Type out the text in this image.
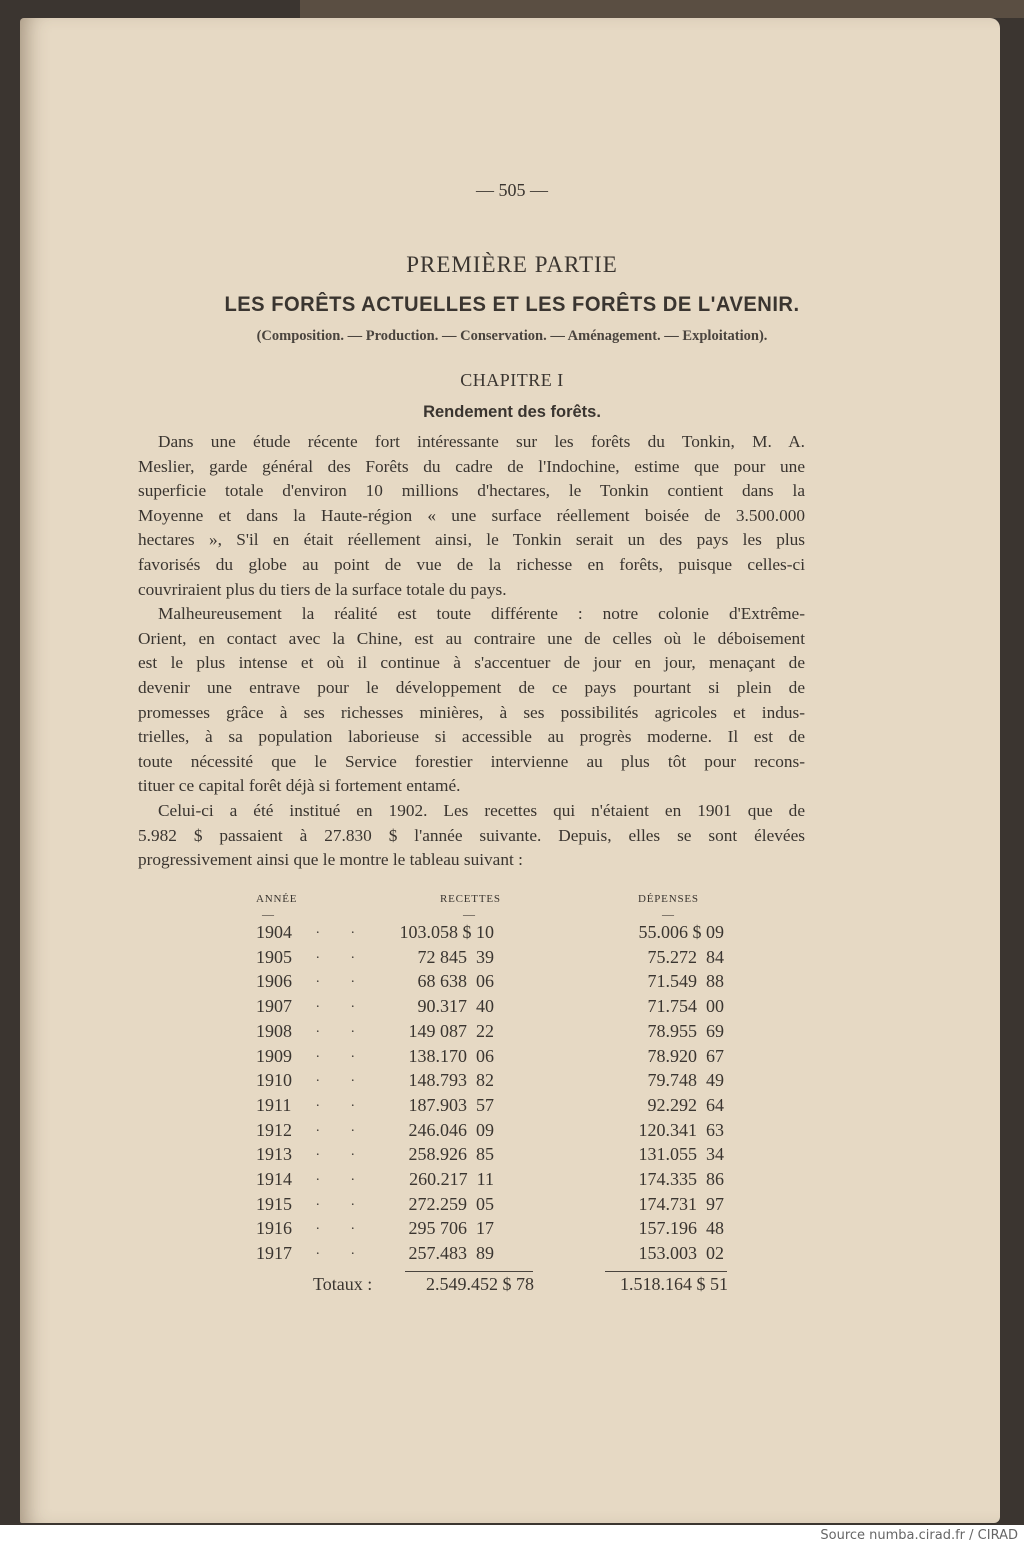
— 505 —
PREMIÈRE PARTIE
LES FORÊTS ACTUELLES ET LES FORÊTS DE L'AVENIR.
(Composition. — Production. — Conservation. — Aménagement. — Exploitation).
CHAPITRE I
Rendement des forêts.
Dans une étude récente fort intéressante sur les forêts du Tonkin, M. A.
Meslier, garde général des Forêts du cadre de l'Indochine, estime que pour une
superficie totale d'environ 10 millions d'hectares, le Tonkin contient dans la
Moyenne et dans la Haute-région « une surface réellement boisée de 3.500.000
hectares », S'il en était réellement ainsi, le Tonkin serait un des pays les plus
favorisés du globe au point de vue de la richesse en forêts, puisque celles-ci
couvriraient plus du tiers de la surface totale du pays.
Malheureusement la réalité est toute différente : notre colonie d'Extrême-
Orient, en contact avec la Chine, est au contraire une de celles où le déboisement
est le plus intense et où il continue à s'accentuer de jour en jour, menaçant de
devenir une entrave pour le développement de ce pays pourtant si plein de
promesses grâce à ses richesses minières, à ses possibilités agricoles et indus-
trielles, à sa population laborieuse si accessible au progrès moderne. Il est de
toute nécessité que le Service forestier intervienne au plus tôt pour recons-
tituer ce capital forêt déjà si fortement entamé.
Celui-ci a été institué en 1902. Les recettes qui n'étaient en 1901 que de
5.982 $ passaient à 27.830 $ l'année suivante. Depuis, elles se sont élevées
progressivement ainsi que le montre le tableau suivant :
ANNÉE	RECETTES	DÉPENSES
—	—	—
1904 . . 103.058 $ 10	55.006 $ 09
1905 . .	72 845  39	75.272  84
1906 . .	68 638  06	71.549  88
1907 . .	90.317  40	71.754  00
1908 . . 149 087  22	78.955  69
1909 . . 138.170  06	78.920  67
1910 . . 148.793  82	79.748  49
1911 . . 187.903  57	92.292  64
1912 . . 246.046  09	120.341  63
1913 . . 258.926  85	131.055  34
1914 . . 260.217  11	174.335  86
1915 . . 272.259  05	174.731  97
1916 . . 295 706  17	157.196  48
1917 . . 257.483  89	153.003  02
Totaux :	2.549.452 $ 78	1.518.164 $ 51
Source numba.cirad.fr / CIRAD
